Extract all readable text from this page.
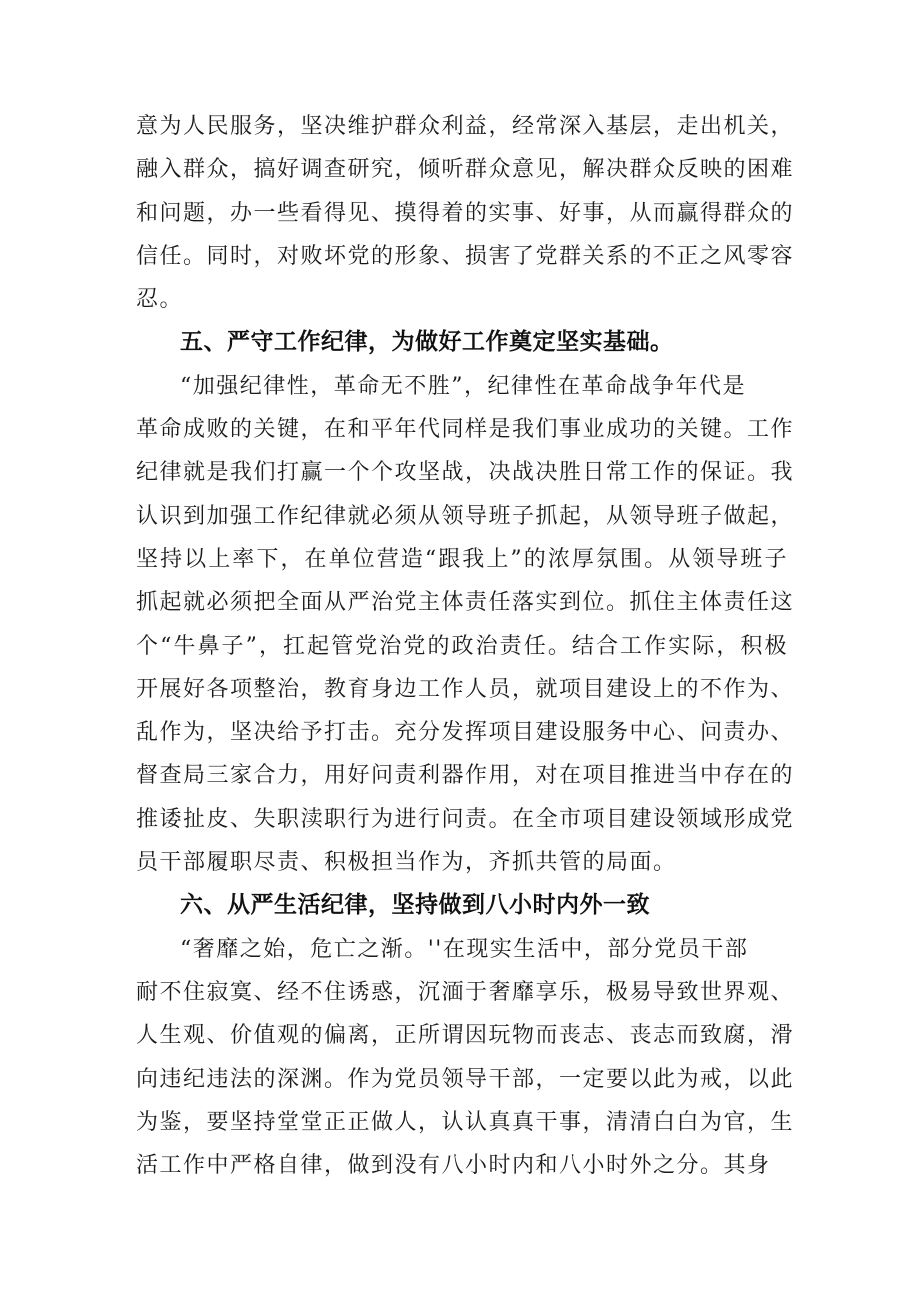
意为人民服务，坚决维护群众利益，经常深入基层，走出机关，
融入群众，搞好调查研究，倾听群众意见，解决群众反映的困难
和问题，办一些看得见、摸得着的实事、好事，从而赢得群众的
信任。同时，对败坏党的形象、损害了党群关系的不正之风零容
忍。
五、严守工作纪律，为做好工作奠定坚实基础。
“加强纪律性，革命无不胜”，纪律性在革命战争年代是
革命成败的关键，在和平年代同样是我们事业成功的关键。工作
纪律就是我们打赢一个个攻坚战，决战决胜日常工作的保证。我
认识到加强工作纪律就必须从领导班子抓起，从领导班子做起，
坚持以上率下，在单位营造“跟我上”的浓厚氛围。从领导班子
抓起就必须把全面从严治党主体责任落实到位。抓住主体责任这
个“牛鼻子”，扛起管党治党的政治责任。结合工作实际，积极
开展好各项整治，教育身边工作人员，就项目建设上的不作为、
乱作为，坚决给予打击。充分发挥项目建设服务中心、问责办、
督查局三家合力，用好问责利器作用，对在项目推进当中存在的
推诿扯皮、失职渎职行为进行问责。在全市项目建设领域形成党
员干部履职尽责、积极担当作为，齐抓共管的局面。
六、从严生活纪律，坚持做到八小时内外一致
“奢靡之始，危亡之渐。''在现实生活中，部分党员干部
耐不住寂寞、经不住诱惑，沉湎于奢靡享乐，极易导致世界观、
人生观、价值观的偏离，正所谓因玩物而丧志、丧志而致腐，滑
向违纪违法的深渊。作为党员领导干部，一定要以此为戒，以此
为鉴，要坚持堂堂正正做人，认认真真干事，清清白白为官，生
活工作中严格自律，做到没有八小时内和八小时外之分。其身
